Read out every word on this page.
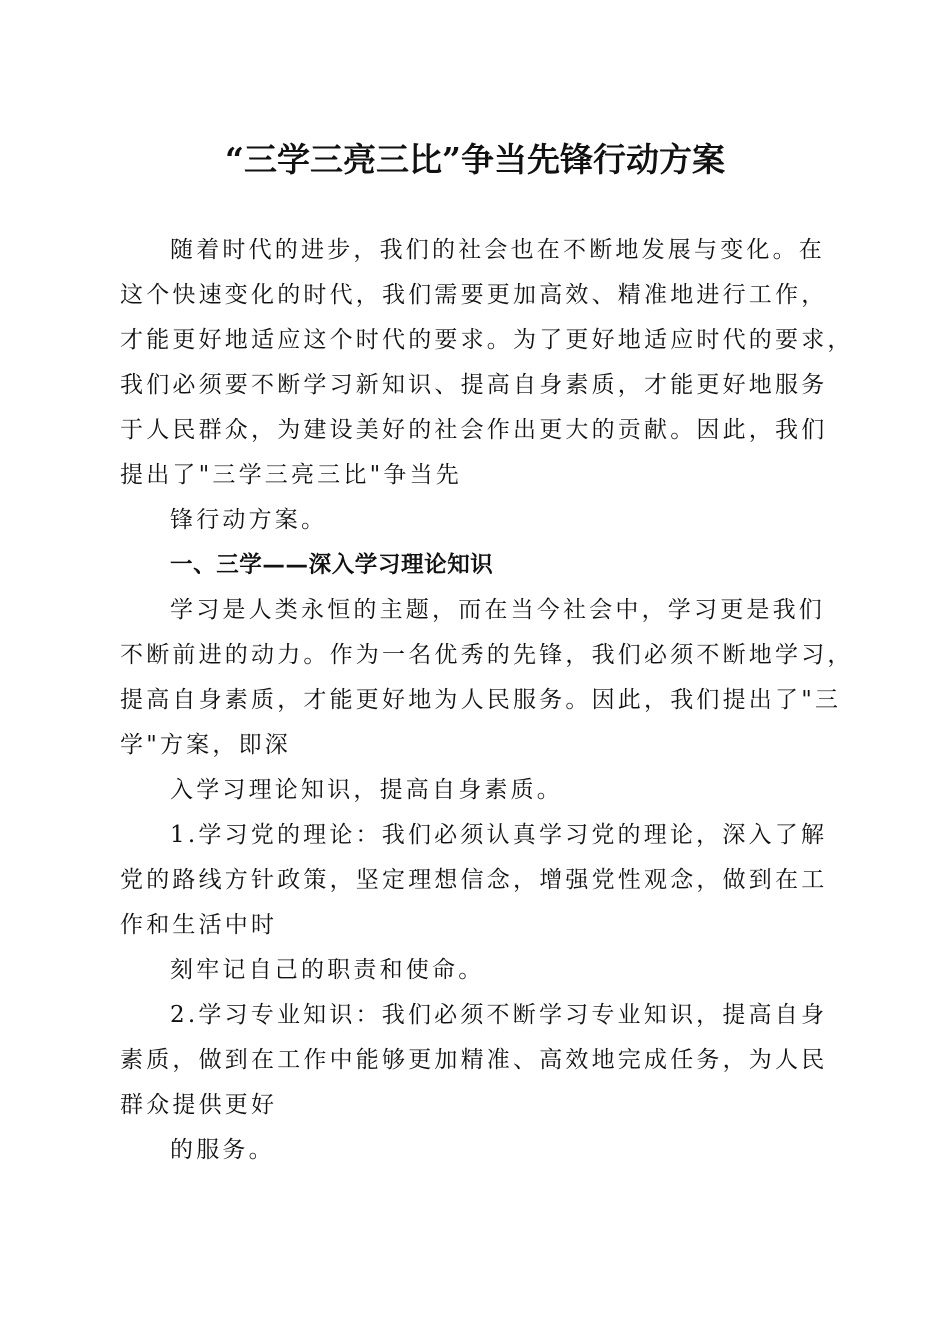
“三学三亮三比”争当先锋行动方案

随着时代的进步，我们的社会也在不断地发展与变化。在

这个快速变化的时代，我们需要更加高效、精准地进行工作，

才能更好地适应这个时代的要求。为了更好地适应时代的要求，

我们必须要不断学习新知识、提高自身素质，才能更好地服务

于人民群众，为建设美好的社会作出更大的贡献。因此，我们

提出了"三学三亮三比"争当先

锋行动方案。

一、三学——深入学习理论知识

学习是人类永恒的主题，而在当今社会中，学习更是我们

不断前进的动力。作为一名优秀的先锋，我们必须不断地学习，

提高自身素质，才能更好地为人民服务。因此，我们提出了"三

学"方案，即深

入学习理论知识，提高自身素质。

1.学习党的理论：我们必须认真学习党的理论，深入了解

党的路线方针政策，坚定理想信念，增强党性观念，做到在工

作和生活中时

刻牢记自己的职责和使命。

2.学习专业知识：我们必须不断学习专业知识，提高自身

素质，做到在工作中能够更加精准、高效地完成任务，为人民

群众提供更好

的服务。
